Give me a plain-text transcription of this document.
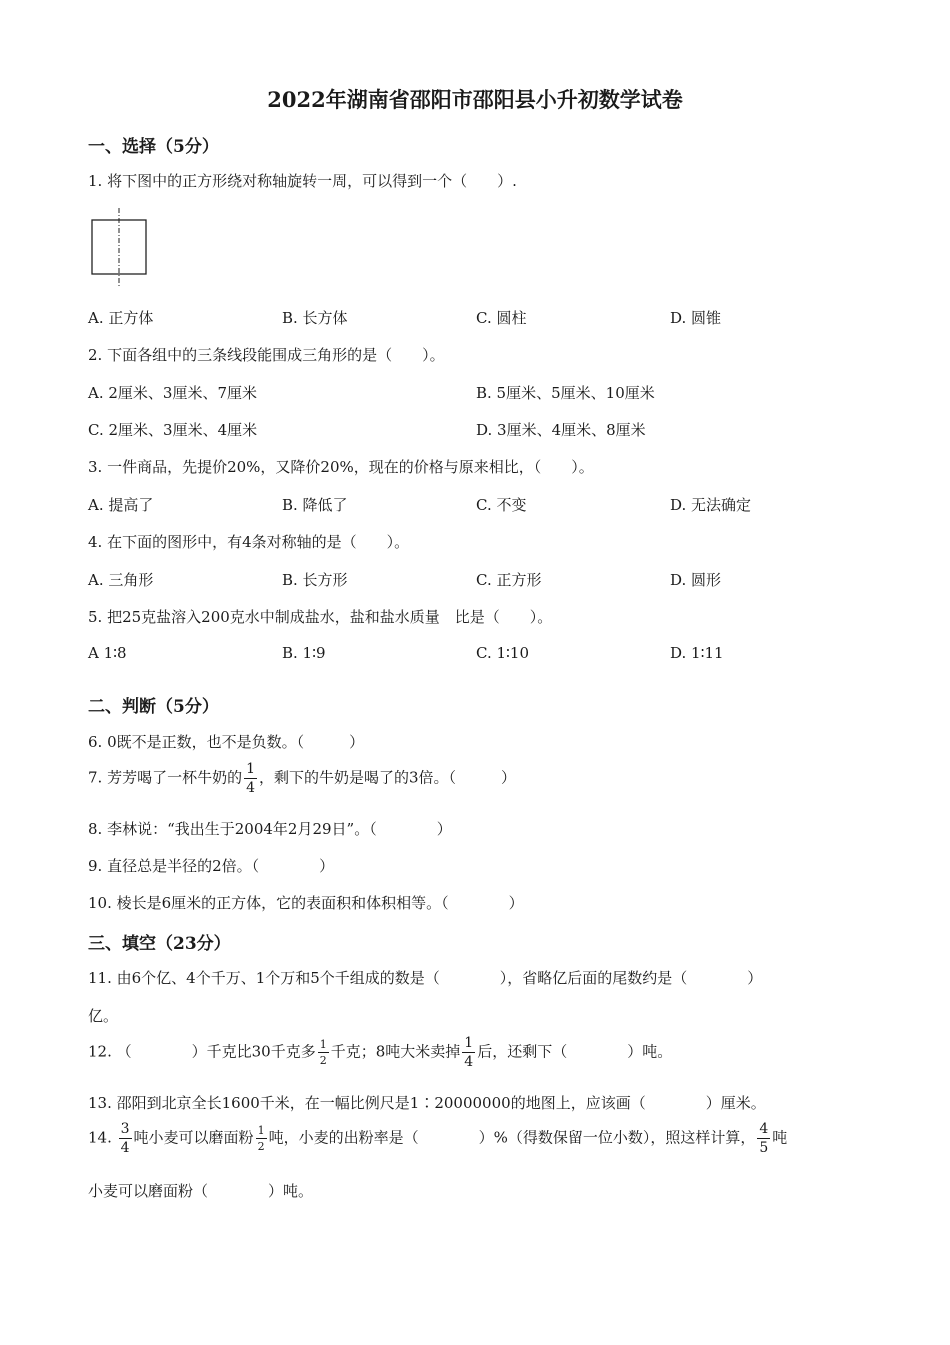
2022年湖南省邵阳市邵阳县小升初数学试卷
一、选择（5分）
1. 将下图中的正方形绕对称轴旋转一周，可以得到一个（　　）.
A. 正方体	B. 长方体	C. 圆柱	D. 圆锥
2. 下面各组中的三条线段能围成三角形的是（　　）。
A. 2厘米、3厘米、7厘米	B. 5厘米、5厘米、10厘米
C. 2厘米、3厘米、4厘米	D. 3厘米、4厘米、8厘米
3. 一件商品，先提价20%，又降价20%，现在的价格与原来相比，（　　）。
A. 提高了	B. 降低了	C. 不变	D. 无法确定
4. 在下面的图形中，有4条对称轴的是（　　）。
A. 三角形	B. 长方形	C. 正方形	D. 圆形
5. 把25克盐溶入200克水中制成盐水，盐和盐水质量　比是（　　）。
A 1∶8	B. 1∶9	C. 1∶10	D. 1∶11
二、判断（5分）
6. 0既不是正数，也不是负数。（　　　）
7. 芳芳喝了一杯牛奶的 $\frac{1}{4}$ ，剩下的牛奶是喝了的3倍。（　　　）
8. 李林说：“我出生于2004年2月29日”。（　　　　）
9. 直径总是半径的2倍。（　　　　）
10. 棱长是6厘米的正方体，它的表面积和体积相等。（　　　　）
三、填空（23分）
11. 由6个亿、4个千万、1个万和5个千组成的数是（　　　　），省略亿后面的尾数约是（　　　　）
亿。
12. （　　　　）千克比30千克多 $\frac{1}{2}$ 千克；8吨大米卖掉 $\frac{1}{4}$ 后，还剩下（　　　　）吨。
13. 邵阳到北京全长1600千米，在一幅比例尺是1∶20000000的地图上，应该画（　　　　）厘米。
14. $\frac{3}{4}$ 吨小麦可以磨面粉 $\frac{1}{2}$ 吨，小麦的出粉率是（　　　　）%（得数保留一位小数），照这样计算， $\frac{4}{5}$ 吨
小麦可以磨面粉（　　　　）吨。
